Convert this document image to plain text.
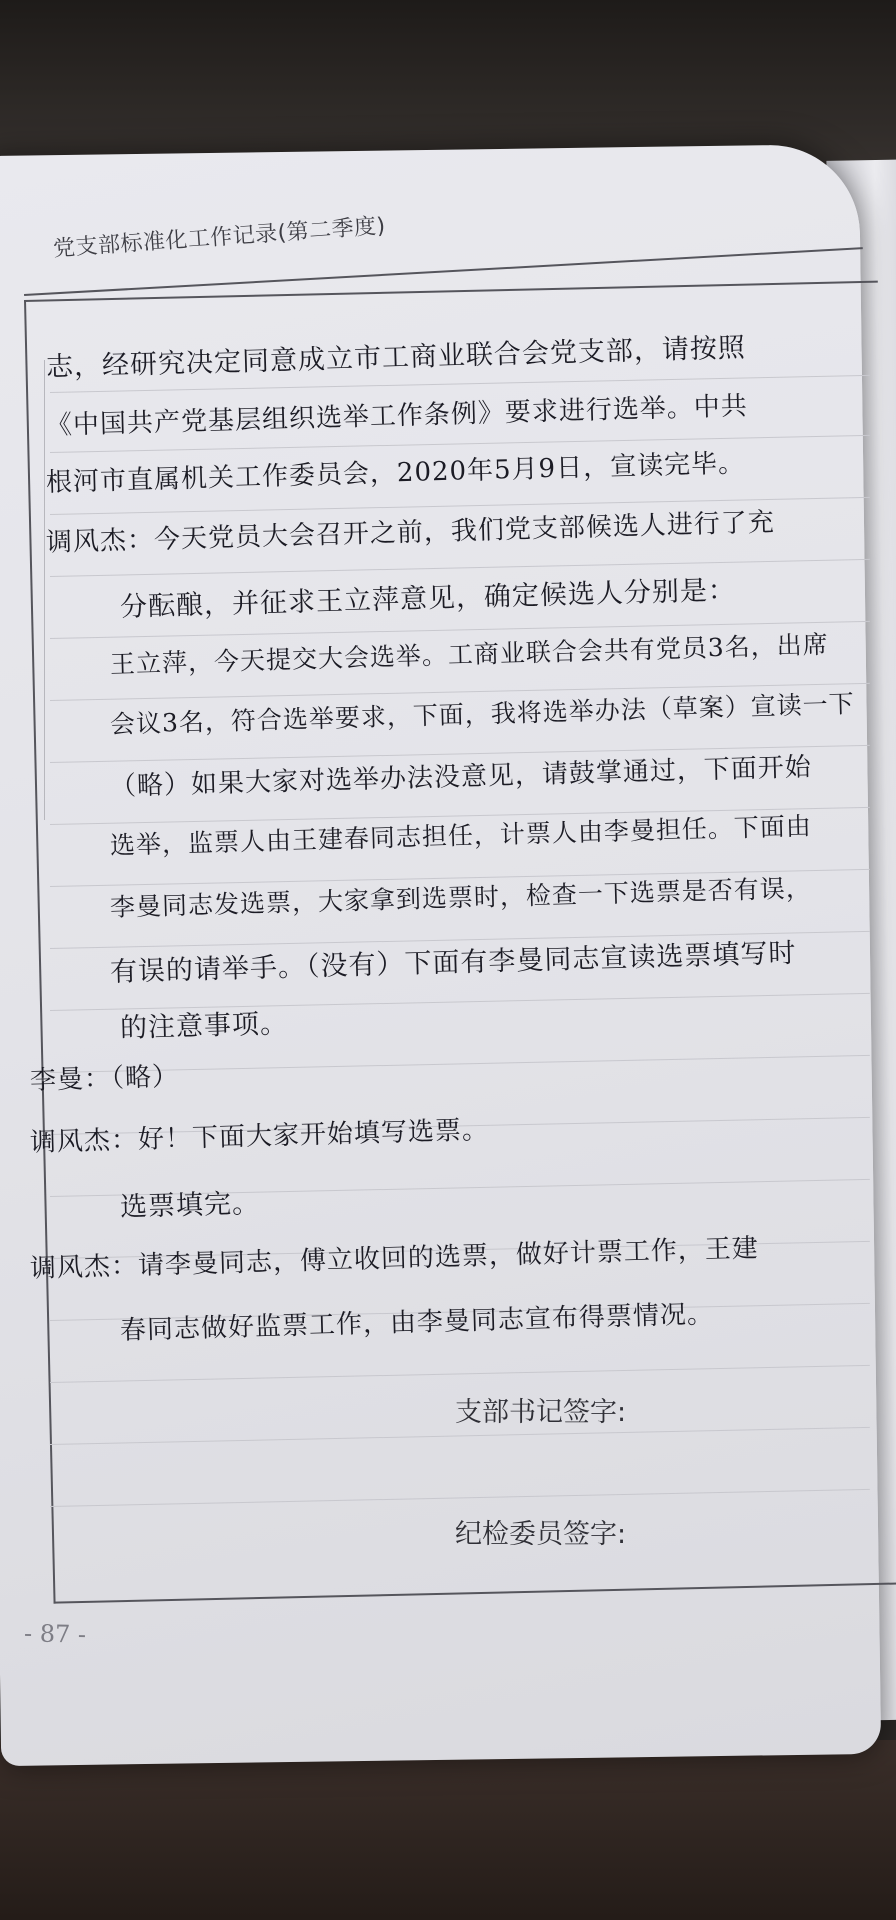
党支部标准化工作记录(第二季度)
志，经研究决定同意成立市工商业联合会党支部，请按照
《中国共产党基层组织选举工作条例》要求进行选举。中共
根河市直属机关工作委员会，2020年5月9日，宣读完毕。
调风杰：今天党员大会召开之前，我们党支部候选人进行了充
分酝酿，并征求王立萍意见，确定候选人分别是：
王立萍，今天提交大会选举。工商业联合会共有党员3名，出席
会议3名，符合选举要求，下面，我将选举办法（草案）宣读一下
（略）如果大家对选举办法没意见，请鼓掌通过，下面开始
选举，监票人由王建春同志担任，计票人由李曼担任。下面由
李曼同志发选票，大家拿到选票时，检查一下选票是否有误，
有误的请举手。（没有）下面有李曼同志宣读选票填写时
的注意事项。
李曼：（略）
调风杰：好！下面大家开始填写选票。
选票填完。
调风杰：请李曼同志，傅立收回的选票，做好计票工作，王建
春同志做好监票工作，由李曼同志宣布得票情况。
支部书记签字:
纪检委员签字:
- 87 -
